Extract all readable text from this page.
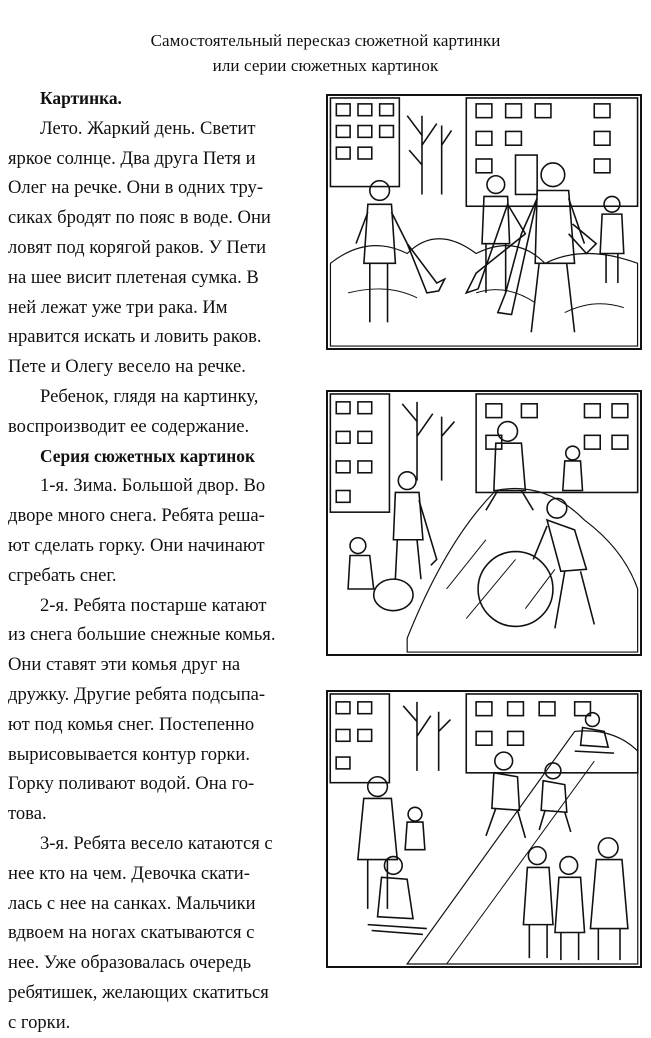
Самостоятельный пересказ сюжетной картинки
или серии сюжетных картинок
Картинка.
Лето. Жаркий день. Светит
яркое солнце. Два друга Петя и
Олег на речке. Они в одних тру-
сиках бродят по пояс в воде. Они
ловят под корягой раков. У Пети
на шее висит плетеная сумка. В
ней лежат уже три рака. Им
нравится искать и ловить раков.
Пете и Олегу весело на речке.
Ребенок, глядя на картинку,
воспроизводит ее содержание.
Серия сюжетных картинок
1-я. Зима. Большой двор. Во
дворе много снега. Ребята реша-
ют сделать горку. Они начинают
сгребать снег.
2-я. Ребята постарше катают
из снега большие снежные комья.
Они ставят эти комья друг на
дружку. Другие ребята подсыпа-
ют под комья снег. Постепенно
вырисовывается контур горки.
Горку поливают водой. Она го-
това.
3-я. Ребята весело катаются с
нее кто на чем. Девочка скати-
лась с нее на санках. Мальчики
вдвоем на ногах скатываются с
нее. Уже образовалась очередь
ребятишек, желающих скатиться
с горки.
